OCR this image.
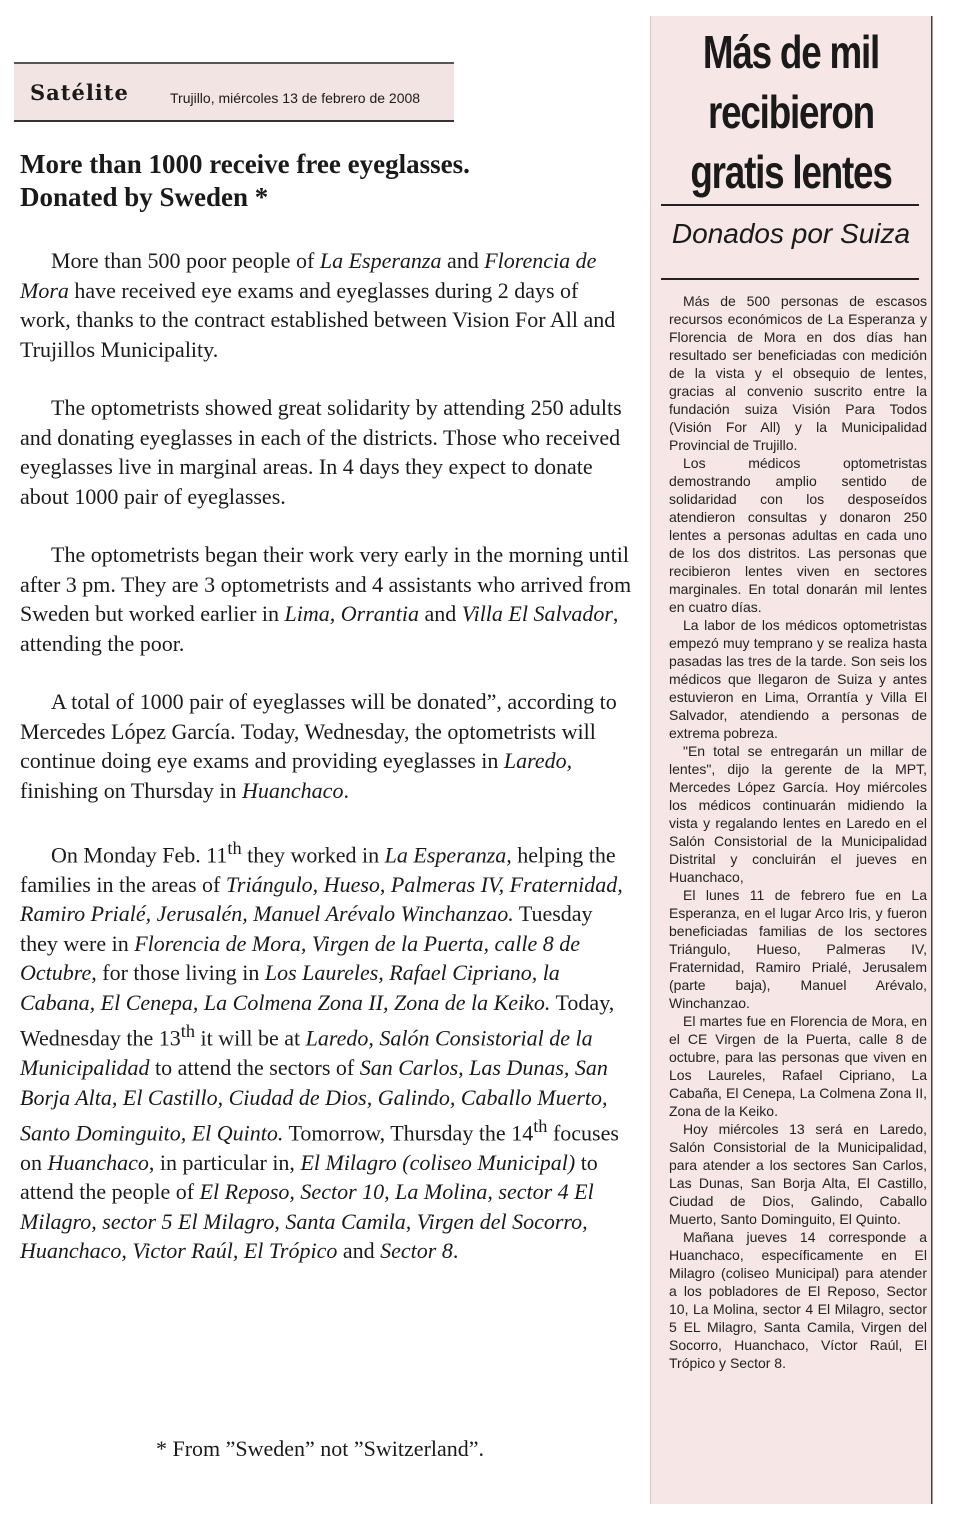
Satélite	Trujillo, miércoles 13 de febrero de 2008
More than 1000 receive free eyeglasses.
Donated by Sweden *

More than 500 poor people of La Esperanza and Florencia de Mora have received eye exams and eyeglasses during 2 days of work, thanks to the contract established between Vision For All and Trujillos Municipality.

The optometrists showed great solidarity by attending 250 adults and donating eyeglasses in each of the districts. Those who received eyeglasses live in marginal areas. In 4 days they expect to donate about 1000 pair of eyeglasses.

The optometrists began their work very early in the morning until after 3 pm. They are 3 optometrists and 4 assistants who arrived from Sweden but worked earlier in Lima, Orrantia and Villa El Salvador, attending the poor.

A total of 1000 pair of eyeglasses will be donated”, according to Mercedes López García. Today, Wednesday, the optometrists will continue doing eye exams and providing eyeglasses in Laredo, finishing on Thursday in Huanchaco.

On Monday Feb. 11th they worked in La Esperanza, helping the families in the areas of Triángulo, Hueso, Palmeras IV, Fraternidad, Ramiro Prialé, Jerusalén, Manuel Arévalo Winchanzao. Tuesday they were in Florencia de Mora, Virgen de la Puerta, calle 8 de Octubre, for those living in Los Laureles, Rafael Cipriano, la Cabana, El Cenepa, La Colmena Zona II, Zona de la Keiko. Today, Wednesday the 13th it will be at Laredo, Salón Consistorial de la Municipalidad to attend the sectors of San Carlos, Las Dunas, San Borja Alta, El Castillo, Ciudad de Dios, Galindo, Caballo Muerto, Santo Dominguito, El Quinto. Tomorrow, Thursday the 14th focuses on Huanchaco, in particular in, El Milagro (coliseo Municipal) to attend the people of El Reposo, Sector 10, La Molina, sector 4 El Milagro, sector 5 El Milagro, Santa Camila, Virgen del Socorro, Huanchaco, Victor Raúl, El Trópico and Sector 8.

* From ”Sweden” not ”Switzerland”.
Más de mil recibieron gratis lentes
Donados por Suiza

Más de 500 personas de escasos recursos económicos de La Esperanza y Florencia de Mora en dos días han resultado ser beneficiadas con medición de la vista y el obsequio de lentes, gracias al convenio suscrito entre la fundación suiza Visión Para Todos (Visión For All) y la Municipalidad Provincial de Trujillo.

Los médicos optometristas demostrando amplio sentido de solidaridad con los desposeídos atendieron consultas y donaron 250 lentes a personas adultas en cada uno de los dos distritos. Las personas que recibieron lentes viven en sectores marginales. En total donarán mil lentes en cuatro días.

La labor de los médicos optometristas empezó muy temprano y se realiza hasta pasadas las tres de la tarde. Son seis los médicos que llegaron de Suiza y antes estuvieron en Lima, Orrantía y Villa El Salvador, atendiendo a personas de extrema pobreza.

"En total se entregarán un millar de lentes", dijo la gerente de la MPT, Mercedes López García. Hoy miércoles los médicos continuarán midiendo la vista y regalando lentes en Laredo en el Salón Consistorial de la Municipalidad Distrital y concluirán el jueves en Huanchaco,

El lunes 11 de febrero fue en La Esperanza, en el lugar Arco Iris, y fueron beneficiadas familias de los sectores Triángulo, Hueso, Palmeras IV, Fraternidad, Ramiro Prialé, Jerusalem (parte baja), Manuel Arévalo, Winchanzao.

El martes fue en Florencia de Mora, en el CE Virgen de la Puerta, calle 8 de octubre, para las personas que viven en Los Laureles, Rafael Cipriano, La Cabaña, El Cenepa, La Colmena Zona II, Zona de la Keiko.

Hoy miércoles 13 será en Laredo, Salón Consistorial de la Municipalidad, para atender a los sectores San Carlos, Las Dunas, San Borja Alta, El Castillo, Ciudad de Dios, Galindo, Caballo Muerto, Santo Dominguito, El Quinto.

Mañana jueves 14 corresponde a Huanchaco, específicamente en El Milagro (coliseo Municipal) para atender a los pobladores de El Reposo, Sector 10, La Molina, sector 4 El Milagro, sector 5 EL Milagro, Santa Camila, Virgen del Socorro, Huanchaco, Víctor Raúl, El Trópico y Sector 8.
